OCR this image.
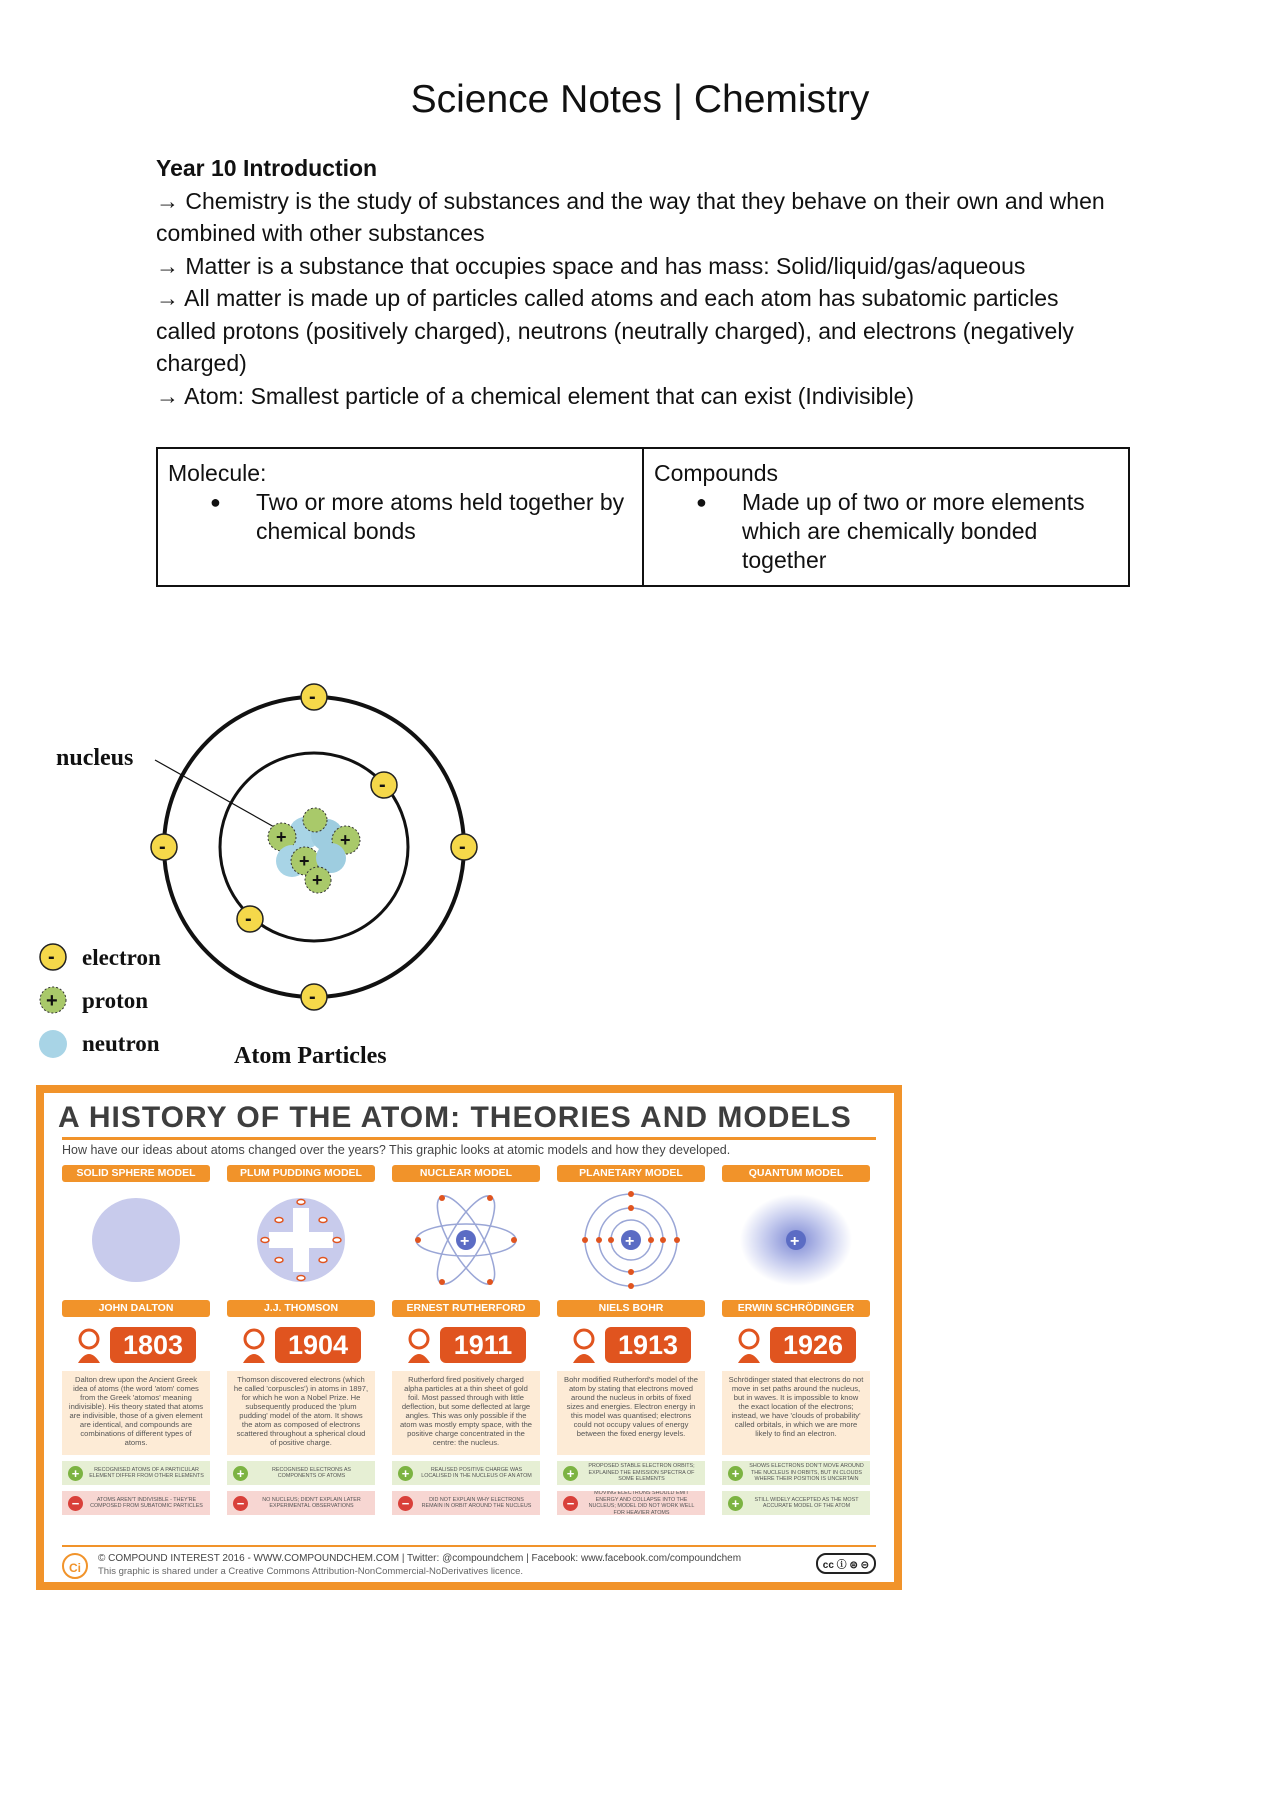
Science Notes | Chemistry
Year 10 Introduction
→ Chemistry is the study of substances and the way that they behave on their own and when combined with other substances
→ Matter is a substance that occupies space and has mass: Solid/liquid/gas/aqueous
→ All matter is made up of particles called atoms and each atom has subatomic particles called protons (positively charged), neutrons (neutrally charged), and electrons (negatively charged)
→ Atom: Smallest particle of a chemical element that can exist (Indivisible)
Molecule:
● Two or more atoms held together by chemical bonds
Compounds
● Made up of two or more elements which are chemically bonded together
nucleus
+	+
+
+
-
-	-
-
-
-
- electron
+ proton
neutron	Atom Particles
A HISTORY OF THE ATOM: THEORIES AND MODELS
How have our ideas about atoms changed over the years? This graphic looks at atomic models and how they developed.
SOLID SPHERE MODEL
JOHN DALTON
1803
Dalton drew upon the Ancient Greek idea of atoms (the word 'atom' comes from the Greek 'atomos' meaning indivisible). His theory stated that atoms are indivisible, those of a given element are identical, and compounds are combinations of different types of atoms.
+	RECOGNISED ATOMS OF A PARTICULAR ELEMENT DIFFER FROM OTHER ELEMENTS
−	ATOMS AREN'T INDIVISIBLE - THEY'RE COMPOSED FROM SUBATOMIC PARTICLES
PLUM PUDDING MODEL
J.J. THOMSON
1904
Thomson discovered electrons (which he called 'corpuscles') in atoms in 1897, for which he won a Nobel Prize. He subsequently produced the 'plum pudding' model of the atom. It shows the atom as composed of electrons scattered throughout a spherical cloud of positive charge.
+	RECOGNISED ELECTRONS AS COMPONENTS OF ATOMS
−	NO NUCLEUS; DIDN'T EXPLAIN LATER EXPERIMENTAL OBSERVATIONS
NUCLEAR MODEL
+
ERNEST RUTHERFORD
1911
Rutherford fired positively charged alpha particles at a thin sheet of gold foil. Most passed through with little deflection, but some deflected at large angles. This was only possible if the atom was mostly empty space, with the positive charge concentrated in the centre: the nucleus.
+	REALISED POSITIVE CHARGE WAS LOCALISED IN THE NUCLEUS OF AN ATOM
−	DID NOT EXPLAIN WHY ELECTRONS REMAIN IN ORBIT AROUND THE NUCLEUS
PLANETARY MODEL
+
NIELS BOHR
1913
Bohr modified Rutherford's model of the atom by stating that electrons moved around the nucleus in orbits of fixed sizes and energies. Electron energy in this model was quantised; electrons could not occupy values of energy between the fixed energy levels.
+	PROPOSED STABLE ELECTRON ORBITS; EXPLAINED THE EMISSION SPECTRA OF SOME ELEMENTS
−
MOVING ELECTRONS SHOULD EMIT ENERGY AND COLLAPSE INTO THE NUCLEUS; MODEL DID NOT WORK WELL FOR HEAVIER ATOMS
QUANTUM MODEL
+
ERWIN SCHRÖDINGER
1926
Schrödinger stated that electrons do not move in set paths around the nucleus, but in waves. It is impossible to know the exact location of the electrons; instead, we have 'clouds of probability' called orbitals, in which we are more likely to find an electron.
+	SHOWS ELECTRONS DON'T MOVE AROUND THE NUCLEUS IN ORBITS, BUT IN CLOUDS WHERE THEIR POSITION IS UNCERTAIN
+	STILL WIDELY ACCEPTED AS THE MOST ACCURATE MODEL OF THE ATOM
Ci
© COMPOUND INTEREST 2016 - WWW.COMPOUNDCHEM.COM | Twitter: @compoundchem | Facebook: www.facebook.com/compoundchem
This graphic is shared under a Creative Commons Attribution-NonCommercial-NoDerivatives licence.
cc ⓘ ⊜ ⊝
